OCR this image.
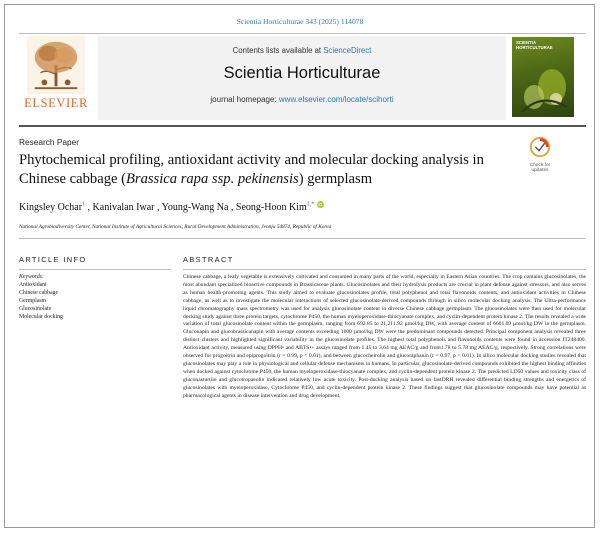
Scientia Horticulturae 343 (2025) 114078
ELSEVIER
Contents lists available at ScienceDirect
Scientia Horticulturae
journal homepage: www.elsevier.com/locate/scihorti
SCIENTIA
HORTICULTURAE
Research Paper
Phytochemical profiling, antioxidant activity and molecular docking analysis in Chinese cabbage (Brassica rapa ssp. pekinensis) germplasm
Check for
updates
Kingsley Ochar$^1$ , Kanivalan Iwar , Young-Wang Na , Seong-Hoon Kim$^{1,*}$ iD
National Agrobiodiversity Center, National Institute of Agricultural Sciences, Rural Development Administration, Jeonju 54874, Republic of Korea
ARTICLE INFO	ABSTRACT
Keywords:
Antioxidant
Chinese cabbage
Germplasm
Glucosinolate
Molecular docking
Chinese cabbage, a leafy vegetable is extensively cultivated and consumed in many parts of the world, especially in Eastern Asian countries. The crop contains glucosinolates, the most abundant specialized bioactive compounds in Brassicaceae plants. Glucosinolates and their hydrolysis products are crucial in plant defense against stressors, and also serves as human health-promoting agents. This study aimed to evaluate glucosinolates profile, total polyphenol and total flavonoids contents, and antioxidant activities in Chinese cabbage, as well as to investigate the molecular interactions of selected glucosinolate-derived compounds through in silico molecular docking analysis. The Ultra-performance liquid chromatography mass spectrometry was used for analysis glucosinolate content in diverse Chinese cabbage germplasm. The glucosinolates were then used for molecular docking study against three protein targets, cytochrome P450, the human myeloperoxidase-thiocyanate complex, and cyclin-dependent protein kinase 2. The results revealed a wide variation of total glucosinolate content within the germplasm, ranging from 692.85 to 21,211.92 µmol/kg DW, with average content of 6601.09 µmol/kg DW in the germplasm. Gluconapin and glucobrassicanapin with average contents exceeding 1000 µmol/kg DW were the predominant compounds detected. Principal component analysis revealed three distinct clusters and highlighted significant variability in the glucosinolate profiles. The highest total polyphenols and flavonoids contents were found in accession IT248400. Antioxidant activity, measured using DPPH• and ABTS•+ assays ranged from 1.45 to 3.64 mg AEAC/g and from1.78 to 5.78 mg AEAC/g, respectively. Strong correlations were observed for progoitrin and epiprogoitrin (r = 0.99, p < 0.01), and between glucocheirolin and glucoraphanin (r = 0.97, p < 0.01). In silico molecular docking studies revealed that glucosinolates may play a role in physiological and cellular defense mechanisms in humans. In particular, glucosinolate-derived compounds exhibited the highest binding affinities when docked against cytochrome P450, the human myeloperoxidase-thiocyanate complex, and cyclin-dependent protein kinase 2. The predicted LD50 values and toxicity class of gluconasturtiin and glucotropaeolin indicated relatively low acute toxicity. Post-docking analysis based on fastDRH revealed differential binding strengths and energetics of glucosinolates with myeloperoxidase, Cytochrome P450, and cyclin-dependent protein kinase 2. These findings suggest that glucosinolate compounds may have potential as pharmacological agents in disease intervention and drug development.
